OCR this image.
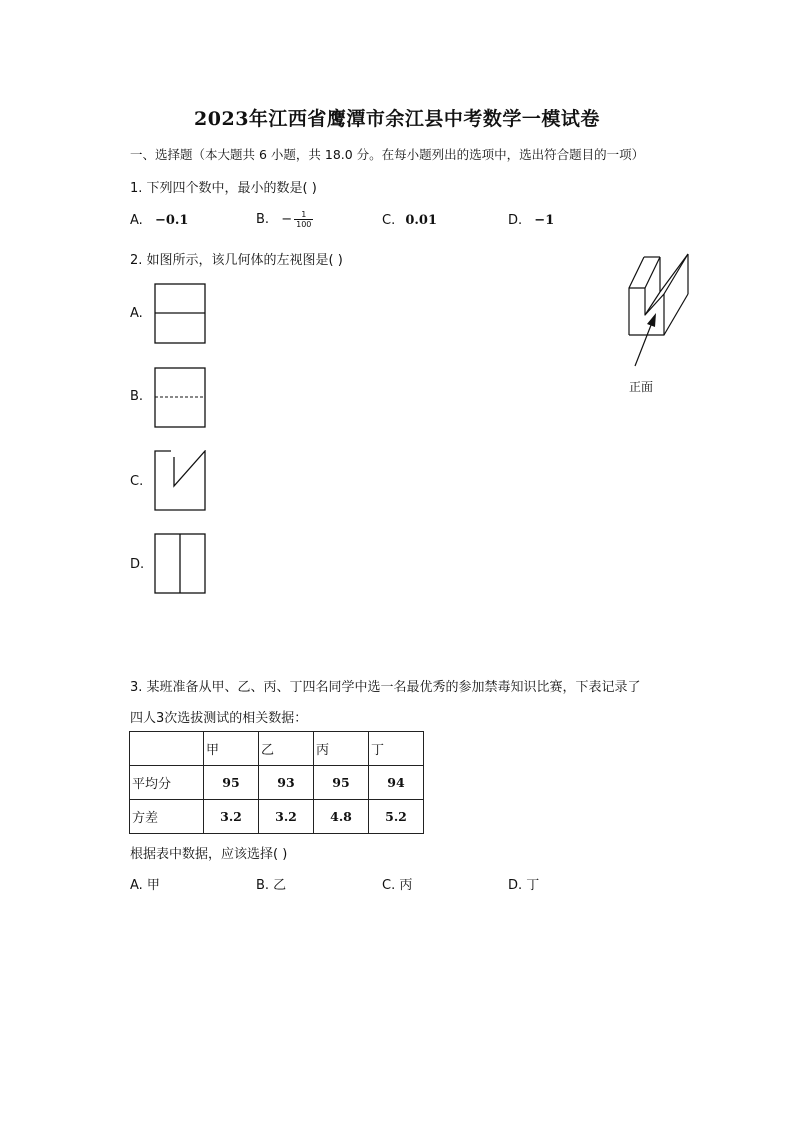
2023年江西省鹰潭市余江县中考数学一模试卷
一、选择题（本大题共 6 小题，共 18.0 分。在每小题列出的选项中，选出符合题目的一项）
1. 下列四个数中，最小的数是( )
A. −0.1	B. − $\frac{1}{100}$	C. 0.01	D. −1
2. 如图所示，该几何体的左视图是( )
A.
B.
C.
D.
正面
3. 某班准备从甲、乙、丙、丁四名同学中选一名最优秀的参加禁毒知识比赛，下表记录了
四人3次选拔测试的相关数据：
	甲	乙	丙	丁
平均分	95	93	95	94
方差	3.2	3.2	4.8	5.2
根据表中数据，应该选择( )
A. 甲	B. 乙	C. 丙	D. 丁
